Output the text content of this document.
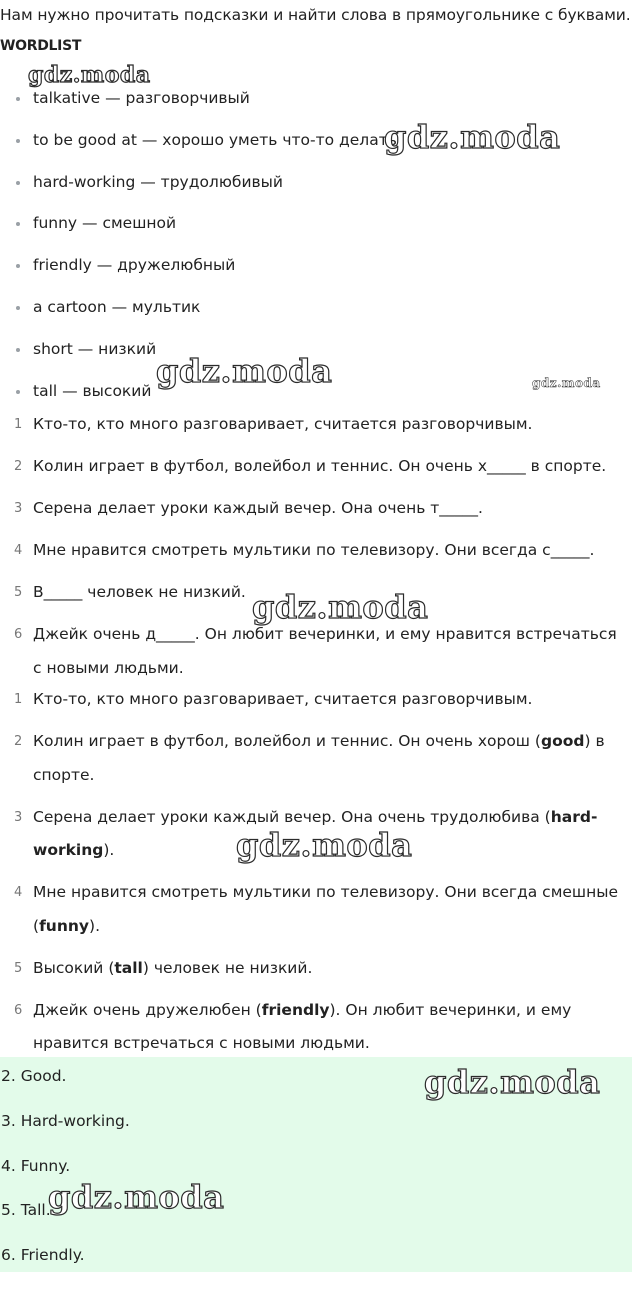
Нам нужно прочитать подсказки и найти слова в прямоугольнике с буквами.
WORDLIST
talkative — разговорчивый
to be good at — хорошо уметь что-то делать
hard-working — трудолюбивый
funny — смешной
friendly — дружелюбный
a cartoon — мультик
short — низкий
tall — высокий
1 Кто-то, кто много разговаривает, считается разговорчивым.
2 Колин играет в футбол, волейбол и теннис. Он очень х_____ в спорте.
3 Серена делает уроки каждый вечер. Она очень т_____.
4 Мне нравится смотреть мультики по телевизору. Они всегда с_____.
5 В_____ человек не низкий.
6 Джейк очень д_____. Он любит вечеринки, и ему нравится встречаться с новыми людьми.
1 Кто-то, кто много разговаривает, считается разговорчивым.
2 Колин играет в футбол, волейбол и теннис. Он очень хорош (good) в спорте.
3 Серена делает уроки каждый вечер. Она очень трудолюбива (hard-working).
4 Мне нравится смотреть мультики по телевизору. Они всегда смешные (funny).
5 Высокий (tall) человек не низкий.
6 Джейк очень дружелюбен (friendly). Он любит вечеринки, и ему нравится встречаться с новыми людьми.

2. Good.

3. Hard-working.

4. Funny.

5. Tall.

6. Friendly.

gdz.moda
gdz.moda
gdz.moda	gdz.moda
gdz.moda
gdz.moda
gdz.moda
gdz.moda
